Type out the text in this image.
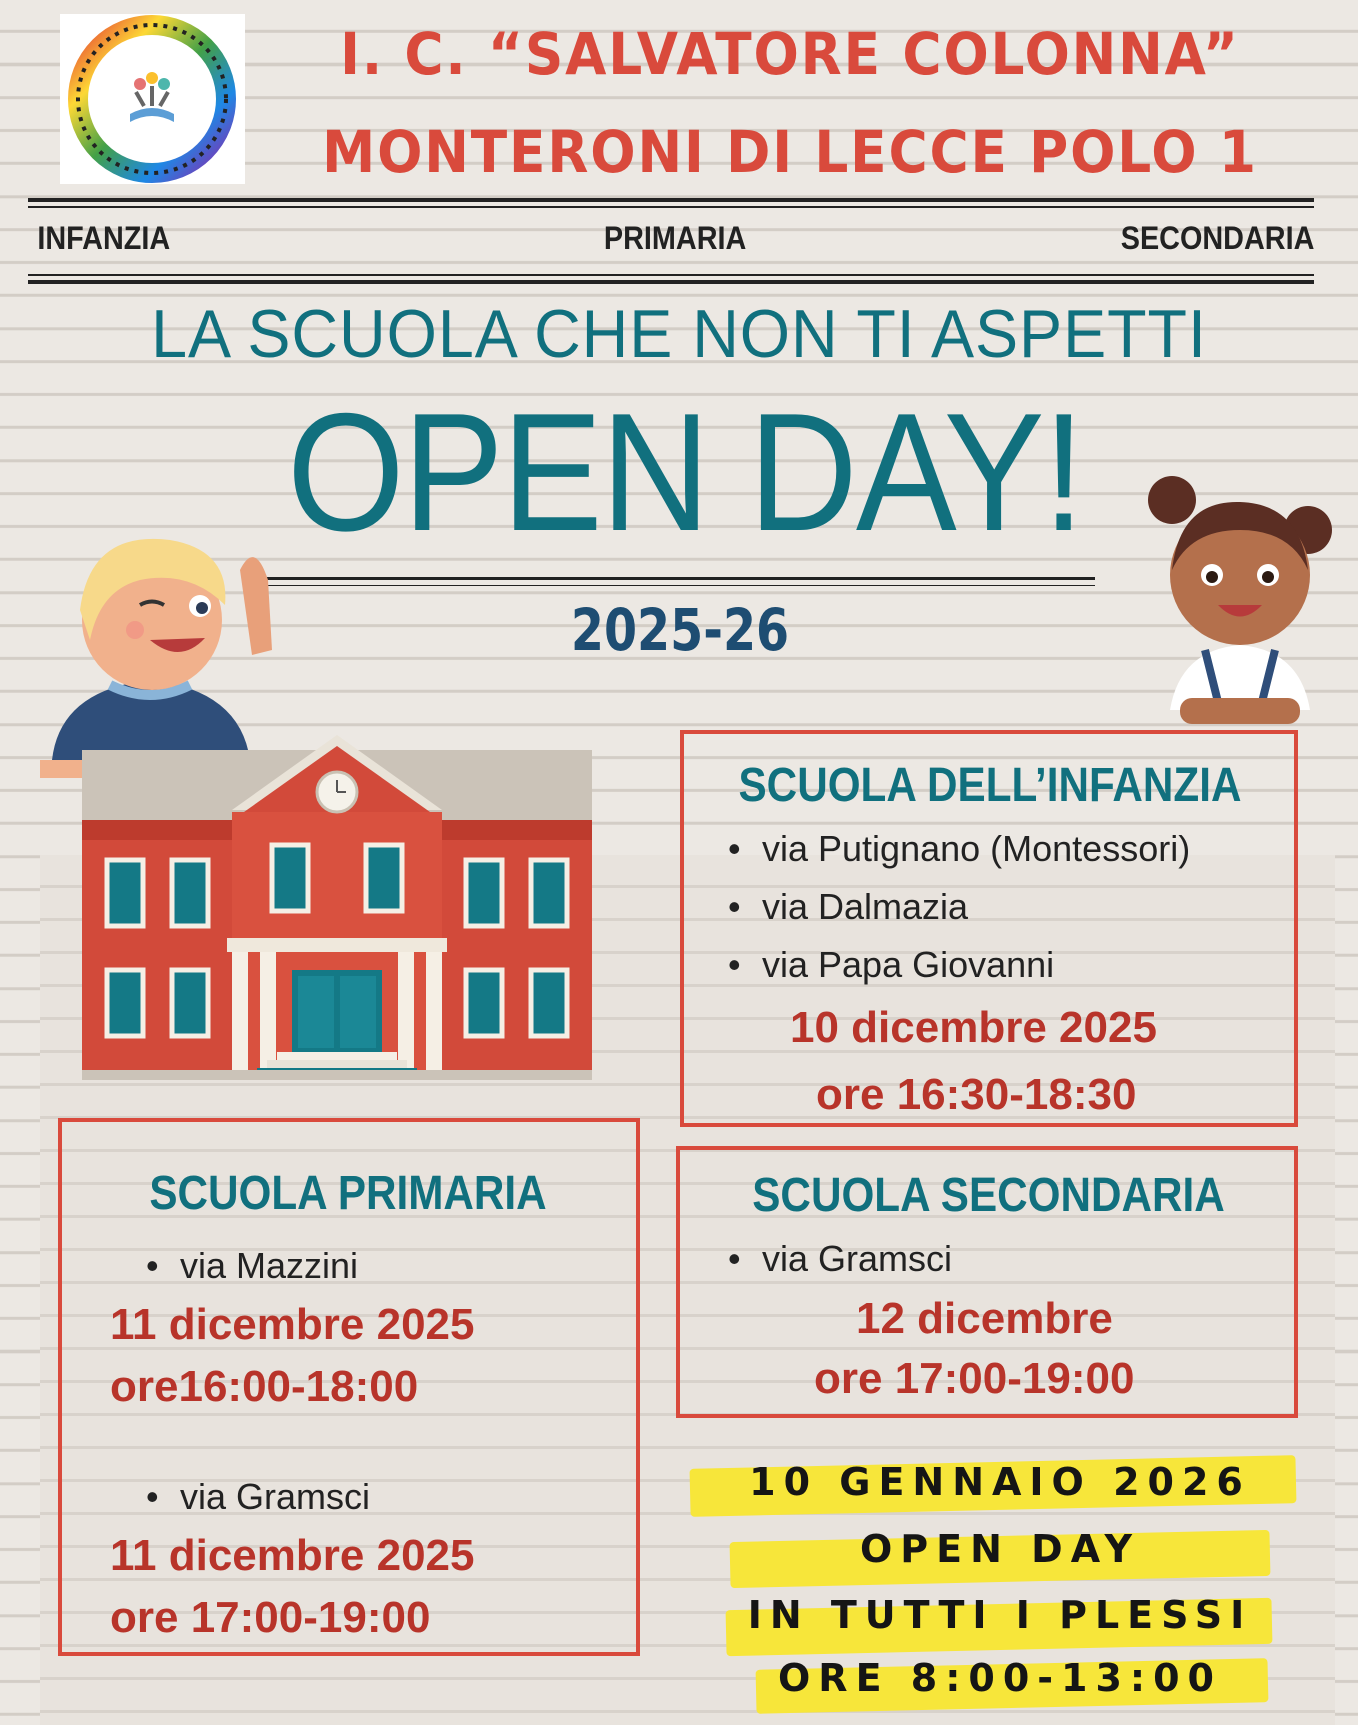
I. C. “SALVATORE COLONNA”
MONTERONI DI LECCE POLO 1
INFANZIA	PRIMARIA	SECONDARIA
LA SCUOLA CHE NON TI ASPETTI
OPEN DAY!
2025-26
SCUOLA DELL’INFANZIA
• via Putignano (Montessori)
• via Dalmazia
• via Papa Giovanni
10 dicembre 2025
ore 16:30-18:30
SCUOLA PRIMARIA
• via Mazzini
11 dicembre 2025
ore16:00-18:00
• via Gramsci
11 dicembre 2025
ore 17:00-19:00
SCUOLA SECONDARIA
• via Gramsci
12 dicembre
ore 17:00-19:00
10 GENNAIO 2026
OPEN DAY
IN TUTTI I PLESSI
ORE 8:00-13:00
